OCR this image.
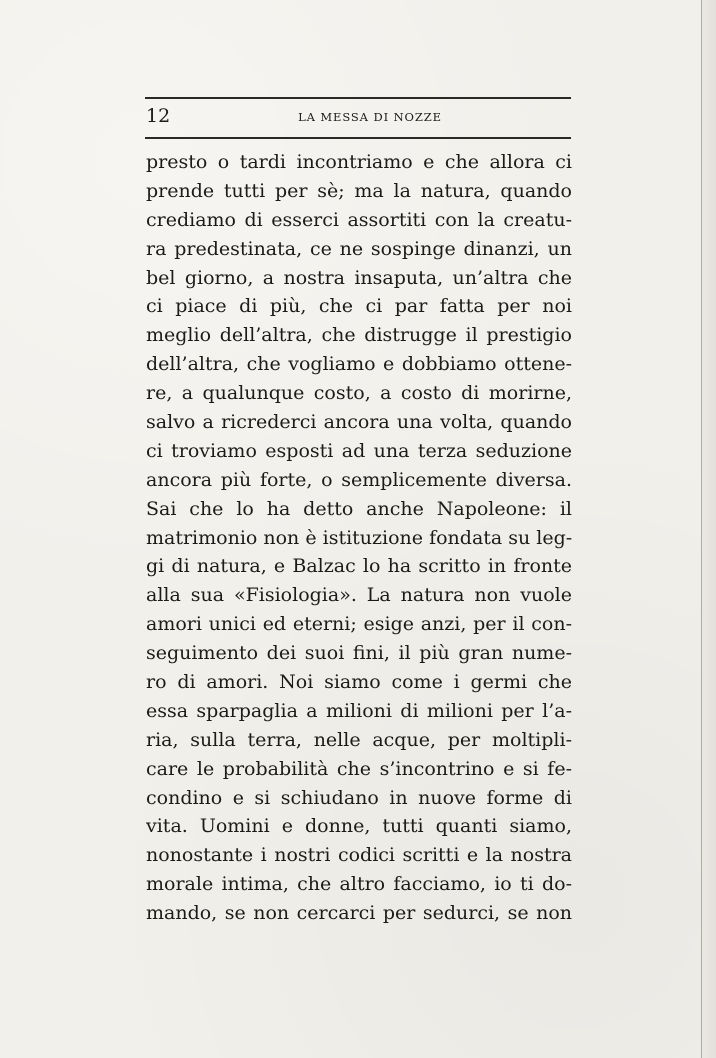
12	LA MESSA DI NOZZE
presto o tardi incontriamo e che allora ci
prende tutti per sè; ma la natura, quando
crediamo di esserci assortiti con la creatu-
ra predestinata, ce ne sospinge dinanzi, un
bel giorno, a nostra insaputa, un’altra che
ci piace di più, che ci par fatta per noi
meglio dell’altra, che distrugge il prestigio
dell’altra, che vogliamo e dobbiamo ottene-
re, a qualunque costo, a costo di morirne,
salvo a ricrederci ancora una volta, quando
ci troviamo esposti ad una terza seduzione
ancora più forte, o semplicemente diversa.
Sai che lo ha detto anche Napoleone: il
matrimonio non è istituzione fondata su leg-
gi di natura, e Balzac lo ha scritto in fronte
alla sua «Fisiologia». La natura non vuole
amori unici ed eterni; esige anzi, per il con-
seguimento dei suoi fini, il più gran nume-
ro di amori. Noi siamo come i germi che
essa sparpaglia a milioni di milioni per l’a-
ria, sulla terra, nelle acque, per moltipli-
care le probabilità che s’incontrino e si fe-
condino e si schiudano in nuove forme di
vita. Uomini e donne, tutti quanti siamo,
nonostante i nostri codici scritti e la nostra
morale intima, che altro facciamo, io ti do-
mando, se non cercarci per sedurci, se non
